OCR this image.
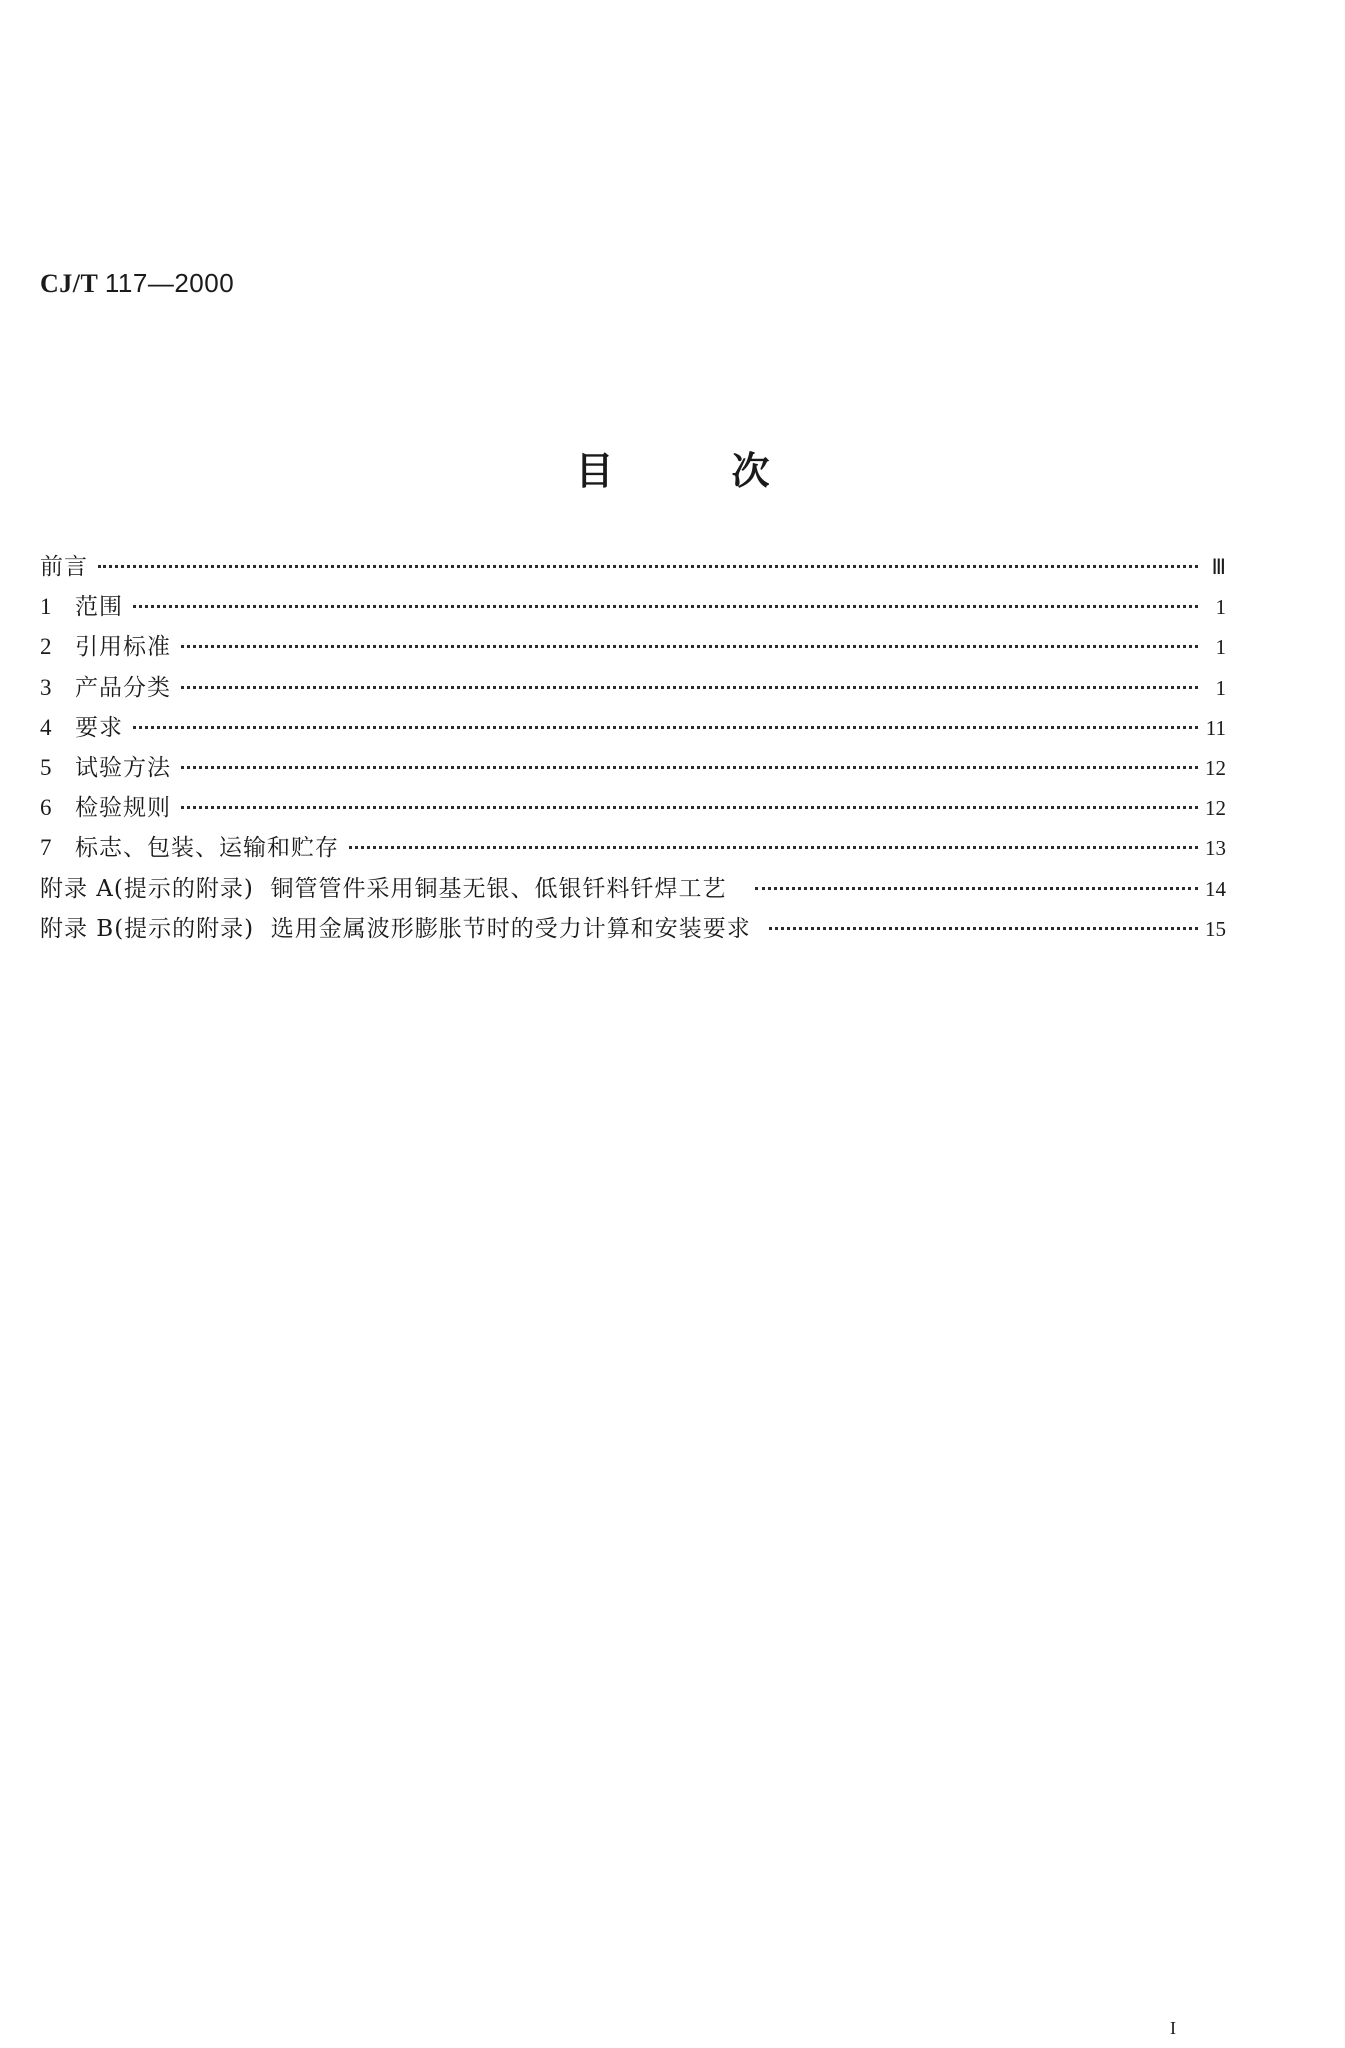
CJ/T 117—2000
目	次
前言	Ⅲ
1	范围	1
2	引用标准	1
3	产品分类	1
4	要求	11
5	试验方法	12
6	检验规则	12
7	标志、包装、运输和贮存	13
附录 A(提示的附录)  铜管管件采用铜基无银、低银钎料钎焊工艺	14
附录 B(提示的附录)  选用金属波形膨胀节时的受力计算和安装要求	15
I
